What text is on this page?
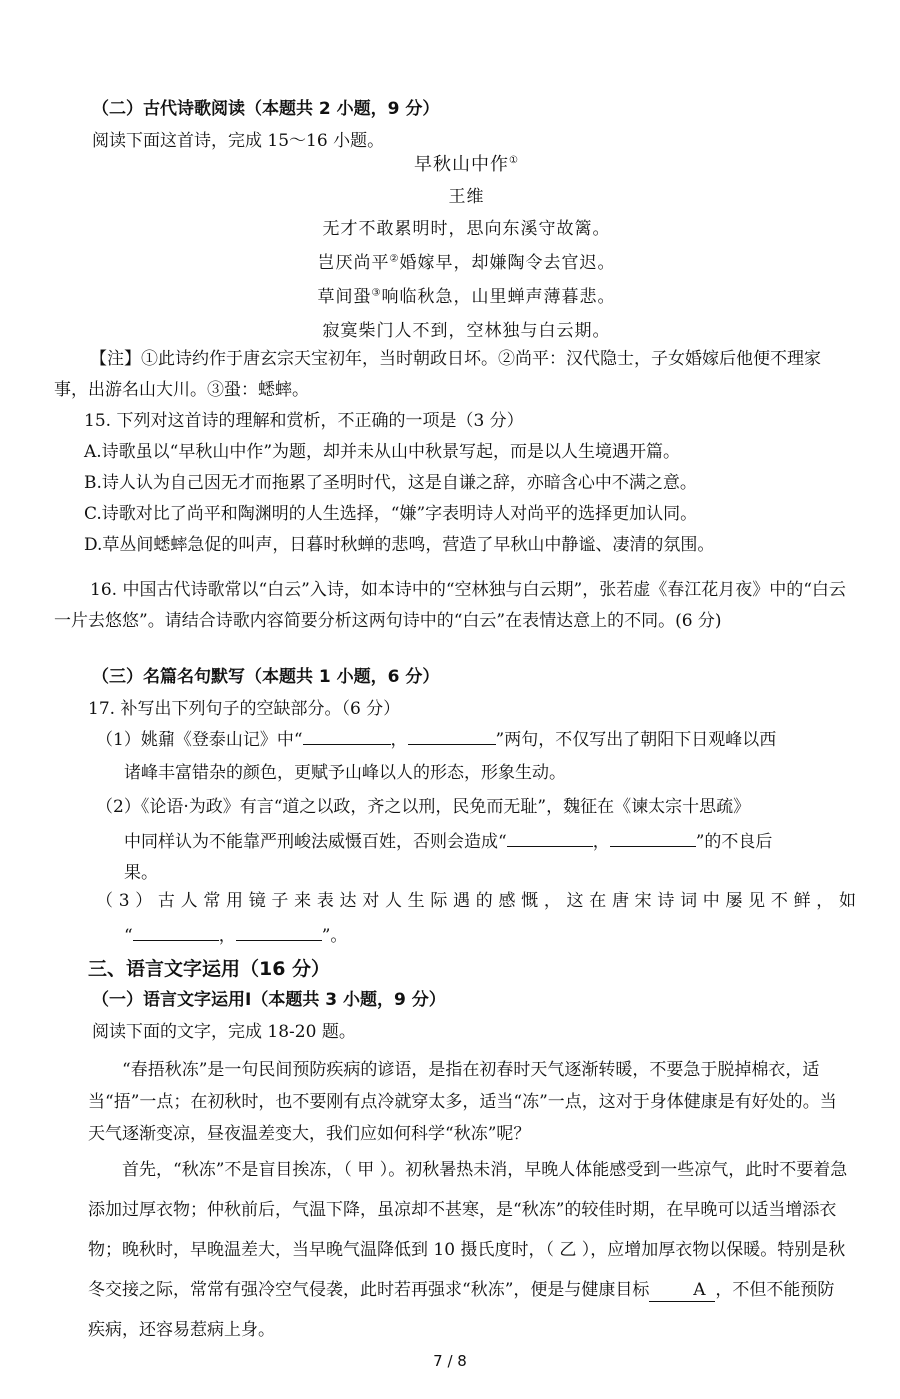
（二）古代诗歌阅读（本题共 2 小题，9 分）
阅读下面这首诗，完成 15～16 小题。
早秋山中作①
王维
无才不敢累明时，思向东溪守故篱。
岂厌尚平②婚嫁早，却嫌陶令去官迟。
草间蛩③响临秋急，山里蝉声薄暮悲。
寂寞柴门人不到，空林独与白云期。
【注】①此诗约作于唐玄宗天宝初年，当时朝政日坏。②尚平：汉代隐士，子女婚嫁后他便不理家事，出游名山大川。③蛩：蟋蟀。
15. 下列对这首诗的理解和赏析，不正确的一项是（3 分）
A.诗歌虽以“早秋山中作”为题，却并未从山中秋景写起，而是以人生境遇开篇。
B.诗人认为自己因无才而拖累了圣明时代，这是自谦之辞，亦暗含心中不满之意。
C.诗歌对比了尚平和陶渊明的人生选择，“嫌”字表明诗人对尚平的选择更加认同。
D.草丛间蟋蟀急促的叫声，日暮时秋蝉的悲鸣，营造了早秋山中静谧、凄清的氛围。
16. 中国古代诗歌常以“白云”入诗，如本诗中的“空林独与白云期”，张若虚《春江花月夜》中的“白云一片去悠悠”。请结合诗歌内容简要分析这两句诗中的“白云”在表情达意上的不同。(6 分)
（三）名篇名句默写（本题共 1 小题，6 分）
17. 补写出下列句子的空缺部分。（6 分）
（1）姚鼐《登泰山记》中“	，	”两句，不仅写出了朝阳下日观峰以西
诸峰丰富错杂的颜色，更赋予山峰以人的形态，形象生动。
（2）《论语·为政》有言“道之以政，齐之以刑，民免而无耻”，魏征在《谏太宗十思疏》
中同样认为不能靠严刑峻法威慑百姓，否则会造成“	，	”的不良后
果。
（3）古人常用镜子来表达对人生际遇的感慨，这在唐宋诗词中屡见不鲜，如
“	，	”。
三、语言文字运用（16 分）
（一）语言文字运用Ⅰ（本题共 3 小题，9 分）
阅读下面的文字，完成 18-20 题。
“春捂秋冻”是一句民间预防疾病的谚语，是指在初春时天气逐渐转暖，不要急于脱掉棉衣，适当“捂”一点；在初秋时，也不要刚有点冷就穿太多，适当“冻”一点，这对于身体健康是有好处的。当天气逐渐变凉，昼夜温差变大，我们应如何科学“秋冻”呢？
首先，“秋冻”不是盲目挨冻，（ 甲 ）。初秋暑热未消，早晚人体能感受到一些凉气，此时不要着急添加过厚衣物；仲秋前后，气温下降，虽凉却不甚寒，是“秋冻”的较佳时期，在早晚可以适当增添衣物；晚秋时，早晚温差大，当早晚气温降低到 10 摄氏度时，（ 乙 ），应增加厚衣物以保暖。特别是秋冬交接之际，常常有强冷空气侵袭，此时若再强求“秋冻”，便是与健康目标	A ，不但不能预防疾病，还容易惹病上身。
7 / 8
